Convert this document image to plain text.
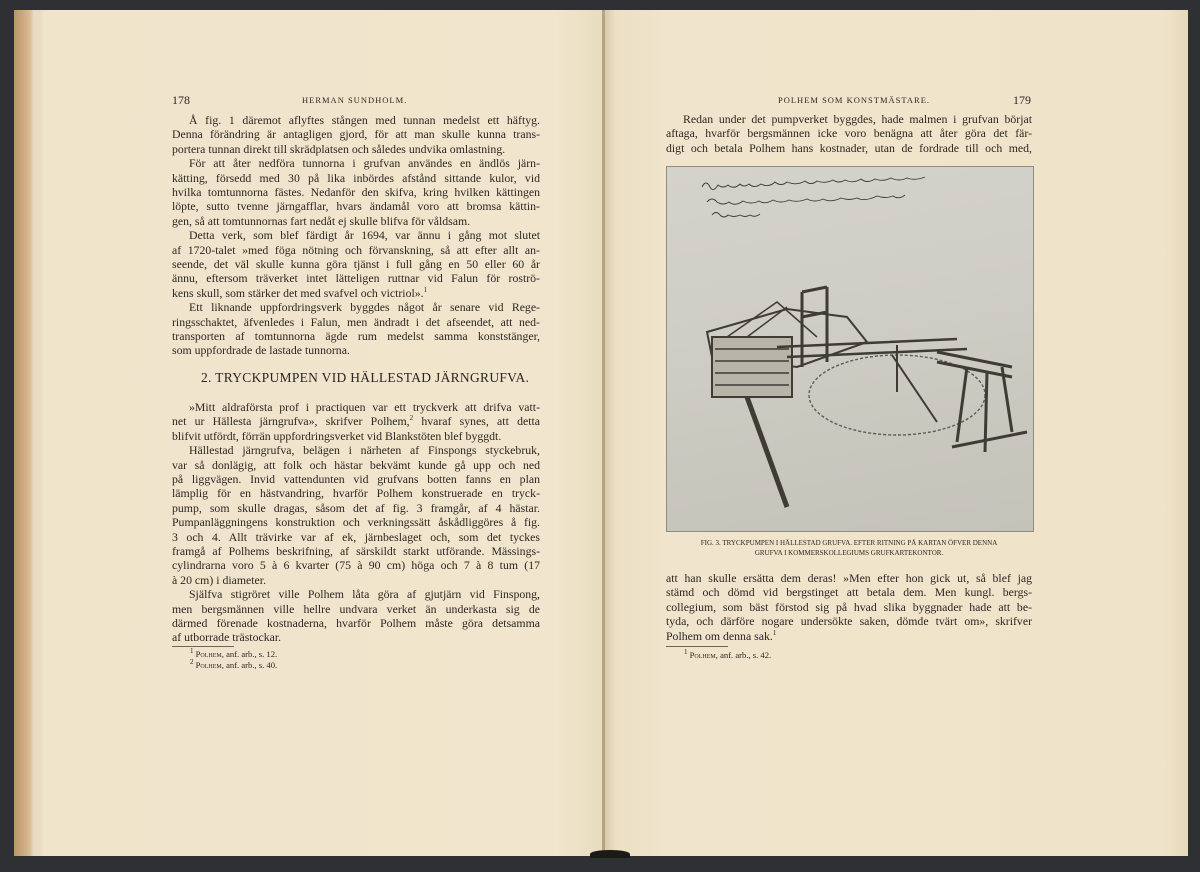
178	HERMAN SUNDHOLM.
Å fig. 1 däremot aflyftes stången med tunnan medelst ett häftyg.
Denna förändring är antagligen gjord, för att man skulle kunna trans-
portera tunnan direkt till skrädplatsen och således undvika omlastning.
För att åter nedföra tunnorna i grufvan användes en ändlös järn-
kätting, försedd med 30 på lika inbördes afstånd sittande kulor, vid
hvilka tomtunnorna fästes. Nedanför den skifva, kring hvilken kättingen
löpte, sutto tvenne järngafflar, hvars ändamål voro att bromsa kättin-
gen, så att tomtunnornas fart nedåt ej skulle blifva för våldsam.
Detta verk, som blef färdigt år 1694, var ännu i gång mot slutet
af 1720-talet »med föga nötning och förvanskning, så att efter allt an-
seende, det väl skulle kunna göra tjänst i full gång en 50 eller 60 år
ännu, eftersom träverket intet lätteligen ruttnar vid Falun för roströ-
kens skull, som stärker det med svafvel och victriol».$^1$
Ett liknande uppfordringsverk byggdes något år senare vid Rege-
ringsschaktet, äfvenledes i Falun, men ändradt i det afseendet, att ned-
transporten af tomtunnorna ägde rum medelst samma konststänger,
som uppfordrade de lastade tunnorna.
2. TRYCKPUMPEN VID HÄLLESTAD JÄRNGRUFVA.
»Mitt aldraförsta prof i practiquen var ett tryckverk att drifva vatt-
net ur Hällesta järngrufva», skrifver Polhem,$^2$ hvaraf synes, att detta
blifvit utfördt, förrän uppfordringsverket vid Blankstöten blef byggdt.
Hällestad järngrufva, belägen i närheten af Finspongs styckebruk,
var så donlägig, att folk och hästar bekvämt kunde gå upp och ned
på liggvägen. Invid vattendunten vid grufvans botten fanns en plan
lämplig för en hästvandring, hvarför Polhem konstruerade en tryck-
pump, som skulle dragas, såsom det af fig. 3 framgår, af 4 hästar.
Pumpanläggningens konstruktion och verkningssätt åskådliggöres å fig.
3 och 4. Allt trävirke var af ek, järnbeslaget och, som det tyckes
framgå af Polhems beskrifning, af särskildt starkt utförande. Mässings-
cylindrarna voro 5 à 6 kvarter (75 à 90 cm) höga och 7 à 8 tum (17
à 20 cm) i diameter.
Själfva stigröret ville Polhem låta göra af gjutjärn vid Finspong,
men bergsmännen ville hellre undvara verket än underkasta sig de
därmed förenade kostnaderna, hvarför Polhem måste göra detsamma
af utborrade trästockar.
$^1$ Polhem, anf. arb., s. 12.
$^2$ Polhem, anf. arb., s. 40.
POLHEM SOM KONSTMÄSTARE.	179
Redan under det pumpverket byggdes, hade malmen i grufvan börjat
aftaga, hvarför bergsmännen icke voro benägna att åter göra det fär-
digt och betala Polhem hans kostnader, utan de fordrade till och med,
FIG. 3. TRYCKPUMPEN I HÄLLESTAD GRUFVA. EFTER RITNING PÅ KARTAN ÖFVER DENNA
GRUFVA I KOMMERSKOLLEGIUMS GRUFKARTEKONTOR.
att han skulle ersätta dem deras! »Men efter hon gick ut, så blef jag
stämd och dömd vid bergstinget att betala dem. Men kungl. bergs-
collegium, som bäst förstod sig på hvad slika byggnader hade att be-
tyda, och därföre nogare undersökte saken, dömde tvärt om», skrifver
Polhem om denna sak.$^1$
$^1$ Polhem, anf. arb., s. 42.
